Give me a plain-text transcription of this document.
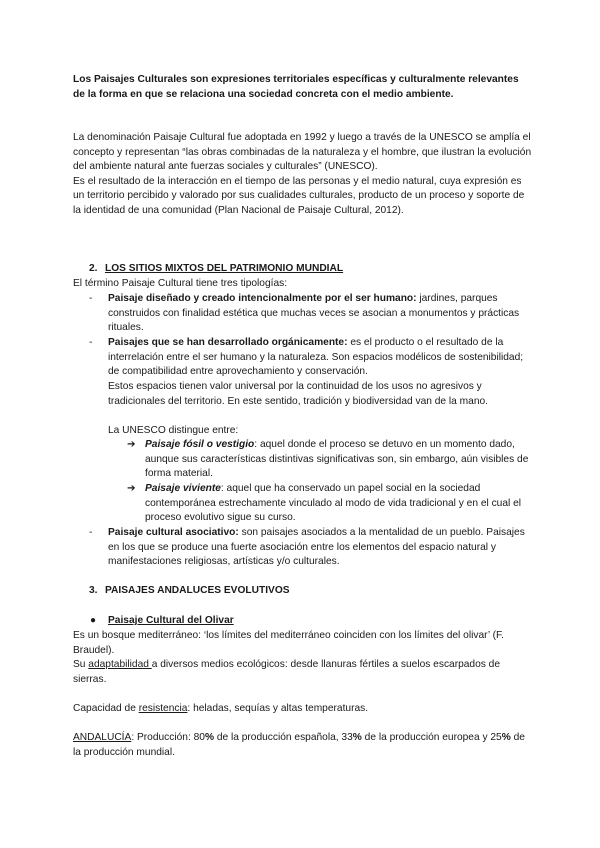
Los Paisajes Culturales son expresiones territoriales específicas y culturalmente relevantes de la forma en que se relaciona una sociedad concreta con el medio ambiente.

La denominación Paisaje Cultural fue adoptada en 1992 y luego a través de la UNESCO se amplía el concepto y representan “las obras combinadas de la naturaleza y el hombre, que ilustran la evolución del ambiente natural ante fuerzas sociales y culturales” (UNESCO).
Es el resultado de la interacción en el tiempo de las personas y el medio natural, cuya expresión es un territorio percibido y valorado por sus cualidades culturales, producto de un proceso y soporte de la identidad de una comunidad (Plan Nacional de Paisaje Cultural, 2012).
2. LOS SITIOS MIXTOS DEL PATRIMONIO MUNDIAL
El término Paisaje Cultural tiene tres tipologías:
- Paisaje diseñado y creado intencionalmente por el ser humano: jardines, parques construidos con finalidad estética que muchas veces se asocian a monumentos y prácticas rituales.

- Paisajes que se han desarrollado orgánicamente: es el producto o el resultado de la interrelación entre el ser humano y la naturaleza. Son espacios modélicos de sostenibilidad; de compatibilidad entre aprovechamiento y conservación.

Estos espacios tienen valor universal por la continuidad de los usos no agresivos y tradicionales del territorio. En este sentido, tradición y biodiversidad van de la mano.

La UNESCO distingue entre:

➔ Paisaje fósil o vestigio: aquel donde el proceso se detuvo en un momento dado, aunque sus características distintivas significativas son, sin embargo, aún visibles de forma material.

➔ Paisaje viviente: aquel que ha conservado un papel social en la sociedad contemporánea estrechamente vinculado al modo de vida tradicional y en el cual el proceso evolutivo sigue su curso.

- Paisaje cultural asociativo: son paisajes asociados a la mentalidad de un pueblo. Paisajes en los que se produce una fuerte asociación entre los elementos del espacio natural y manifestaciones religiosas, artísticas y/o culturales.

3. PAISAJES ANDALUCES EVOLUTIVOS
● Paisaje Cultural del Olivar

Es un bosque mediterráneo: ‘los límites del mediterráneo coinciden con los límites del olivar’ (F. Braudel).

Su adaptabilidad a diversos medios ecológicos: desde llanuras fértiles a suelos escarpados de sierras.

Capacidad de resistencia: heladas, sequías y altas temperaturas.

ANDALUCÍA: Producción: 80% de la producción española, 33% de la producción europea y 25% de la producción mundial.
